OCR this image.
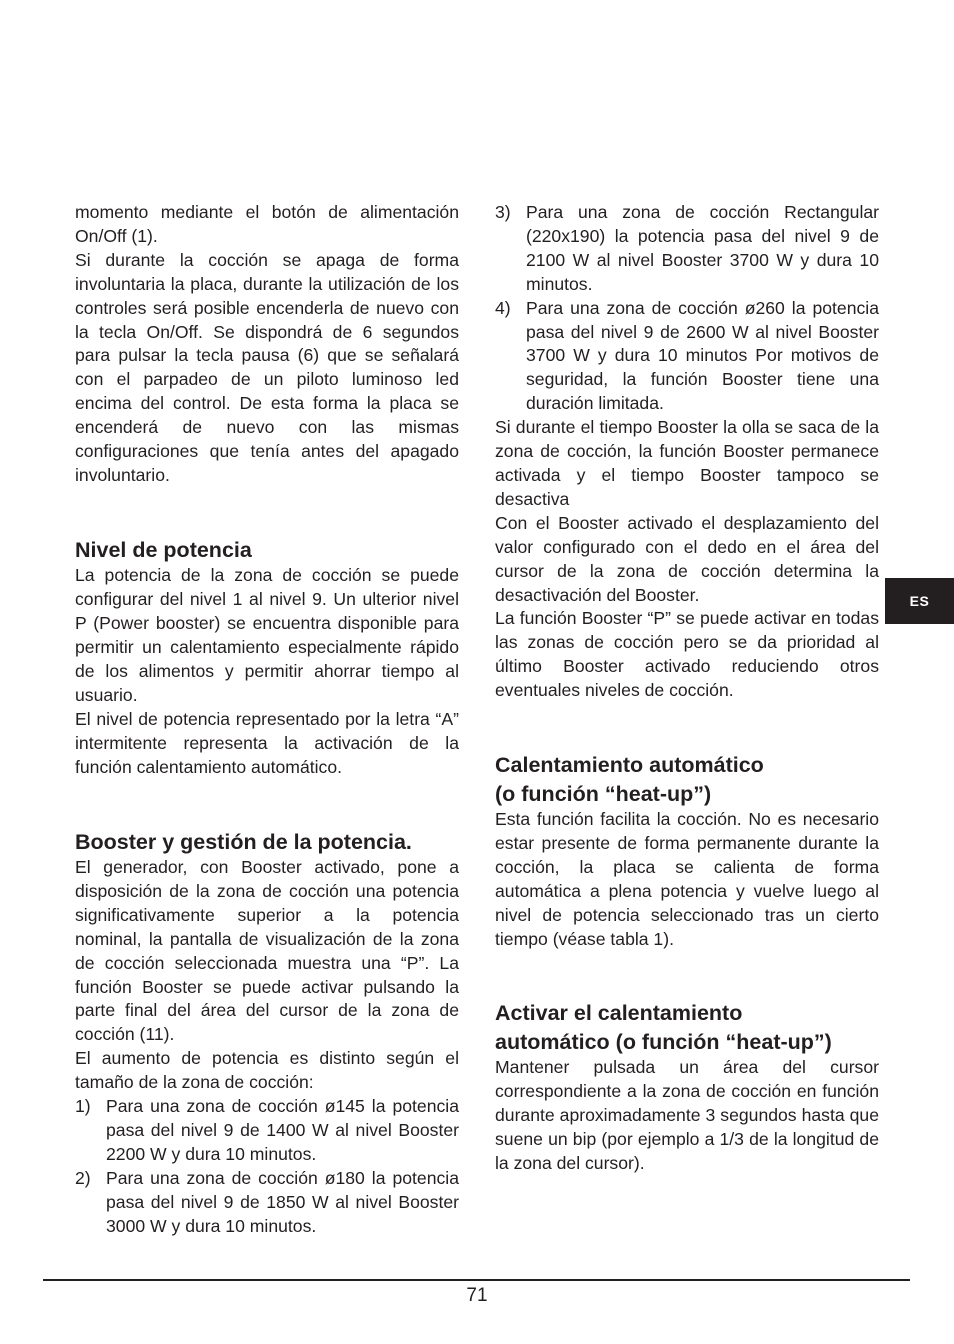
momento mediante el botón de alimentación On/Off (1).

Si durante la cocción se apaga de forma involuntaria la placa, durante la utilización de los controles será posible encenderla de nuevo con la tecla On/Off. Se dispondrá de 6 segundos para pulsar la tecla pausa (6) que se señalará con el parpadeo de un piloto luminoso led encima del control. De esta forma la placa se encenderá de nuevo con las mismas configuraciones que tenía antes del apagado involuntario.

Nivel de potencia

La potencia de la zona de cocción se puede configurar del nivel 1 al nivel 9. Un ulterior nivel P (Power booster) se encuentra disponible para permitir un calentamiento especialmente rápido de los alimentos y permitir ahorrar tiempo al usuario.

El nivel de potencia representado por la letra “A” intermitente representa la activación de la función calentamiento automático.

Booster y gestión de la potencia.

El generador, con Booster activado, pone a disposición de la zona de cocción una potencia significativamente superior a la potencia nominal, la pantalla de visualización de la zona de cocción seleccionada muestra una “P”. La función Booster se puede activar pulsando la parte final del área del cursor de la zona de cocción (11).

El aumento de potencia es distinto según el tamaño de la zona de cocción:

1) Para una zona de cocción ø145 la potencia pasa del nivel 9 de 1400 W al nivel Booster 2200 W y dura 10 minutos.
2) Para una zona de cocción ø180 la potencia pasa del nivel 9 de 1850 W al nivel Booster 3000 W y dura 10 minutos.
3) Para una zona de cocción Rectangular (220x190) la potencia pasa del nivel 9 de 2100 W al nivel Booster 3700 W y dura 10 minutos.
4) Para una zona de cocción ø260 la potencia pasa del nivel 9 de 2600 W al nivel Booster 3700 W y dura 10 minutos Por motivos de seguridad, la función Booster tiene una duración limitada.

Si durante el tiempo Booster la olla se saca de la zona de cocción, la función Booster permanece activada y el tiempo Booster tampoco se desactiva

Con el Booster activado el desplazamiento del valor configurado con el dedo en el área del cursor de la zona de cocción determina la desactivación del Booster.

La función Booster “P” se puede activar en todas las zonas de cocción pero se da prioridad al último Booster activado reduciendo otros eventuales niveles de cocción.

Calentamiento automático
(o función “heat-up”)

Esta función facilita la cocción. No es necesario estar presente de forma permanente durante la cocción, la placa se calienta de forma automática a plena potencia y vuelve luego al nivel de potencia seleccionado tras un cierto tiempo (véase tabla 1).

Activar el calentamiento
automático (o función “heat-up”)

Mantener pulsada un área del cursor correspondiente a la zona de cocción en función durante aproximadamente 3 segundos hasta que suene un bip (por ejemplo a 1/3 de la longitud de la zona del cursor).

ES
71
